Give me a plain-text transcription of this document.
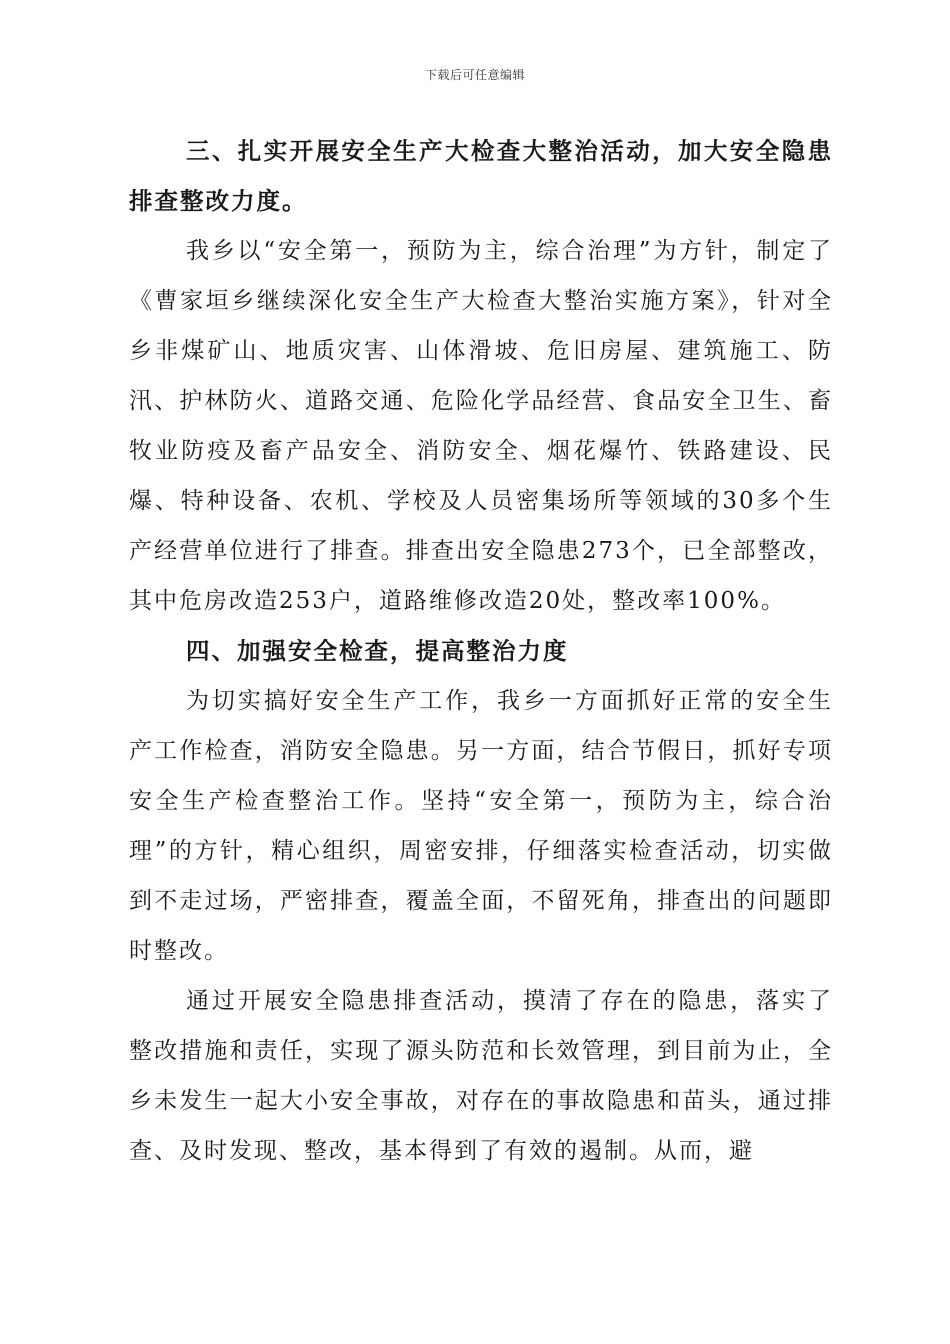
下载后可任意编辑

三、扎实开展安全生产大检查大整治活动，加大安全隐患排查整改力度。

我乡以“安全第一，预防为主，综合治理”为方针，制定了《曹家垣乡继续深化安全生产大检查大整治实施方案》，针对全乡非煤矿山、地质灾害、山体滑坡、危旧房屋、建筑施工、防汛、护林防火、道路交通、危险化学品经营、食品安全卫生、畜牧业防疫及畜产品安全、消防安全、烟花爆竹、铁路建设、民爆、特种设备、农机、学校及人员密集场所等领域的30多个生产经营单位进行了排查。排查出安全隐患273个，已全部整改，其中危房改造253户，道路维修改造20处，整改率100%。

四、加强安全检查，提高整治力度

为切实搞好安全生产工作，我乡一方面抓好正常的安全生产工作检查，消防安全隐患。另一方面，结合节假日，抓好专项安全生产检查整治工作。坚持“安全第一，预防为主，综合治理”的方针，精心组织，周密安排，仔细落实检查活动，切实做到不走过场，严密排查，覆盖全面，不留死角，排查出的问题即时整改。

通过开展安全隐患排查活动，摸清了存在的隐患，落实了整改措施和责任，实现了源头防范和长效管理，到目前为止，全乡未发生一起大小安全事故，对存在的事故隐患和苗头，通过排查、及时发现、整改，基本得到了有效的遏制。从而，避
